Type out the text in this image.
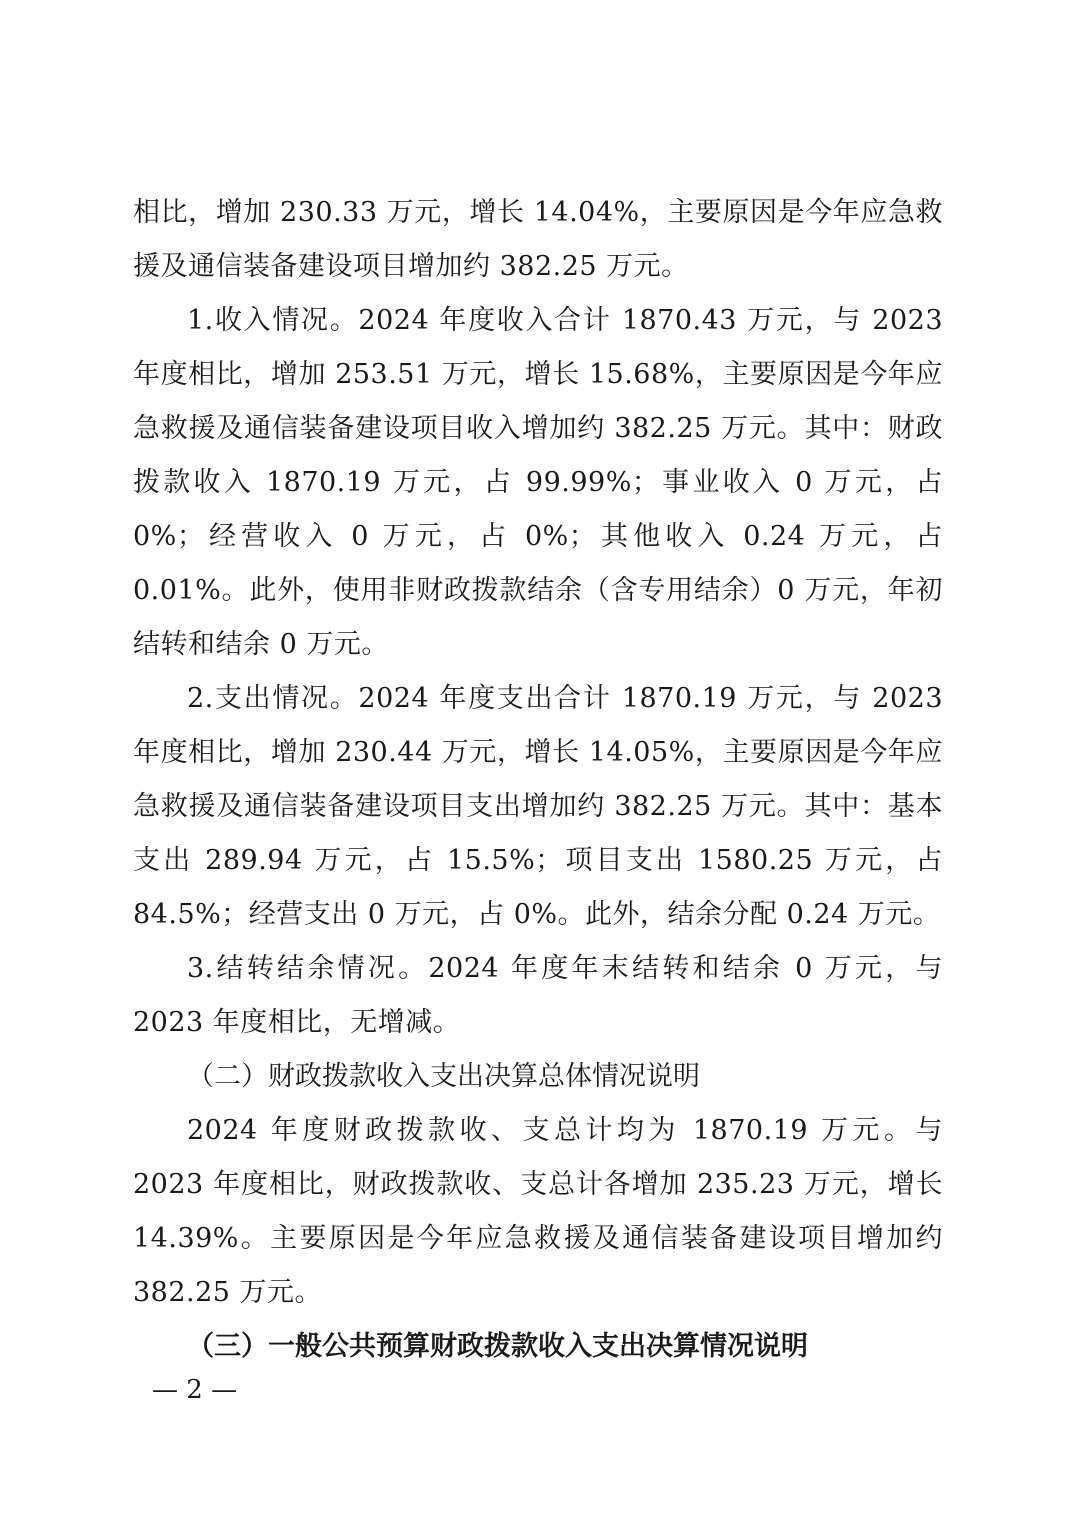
相比，增加 230.33 万元，增长 14.04%，主要原因是今年应急救援及通信装备建设项目增加约 382.25 万元。

1.收入情况。2024 年度收入合计 1870.43 万元，与 2023 年度相比，增加 253.51 万元，增长 15.68%，主要原因是今年应急救援及通信装备建设项目收入增加约 382.25 万元。其中：财政拨款收入 1870.19 万元，占 99.99%；事业收入 0 万元，占 0%；经营收入 0 万元，占 0%；其他收入 0.24 万元，占 0.01%。此外，使用非财政拨款结余（含专用结余）0 万元，年初结转和结余 0 万元。

2.支出情况。2024 年度支出合计 1870.19 万元，与 2023 年度相比，增加 230.44 万元，增长 14.05%，主要原因是今年应急救援及通信装备建设项目支出增加约 382.25 万元。其中：基本支出 289.94 万元，占 15.5%；项目支出 1580.25 万元，占 84.5%；经营支出 0 万元，占 0%。此外，结余分配 0.24 万元。

3.结转结余情况。2024 年度年末结转和结余 0 万元，与 2023 年度相比，无增减。

（二）财政拨款收入支出决算总体情况说明

2024 年度财政拨款收、支总计均为 1870.19 万元。与 2023 年度相比，财政拨款收、支总计各增加 235.23 万元，增长 14.39%。主要原因是今年应急救援及通信装备建设项目增加约 382.25 万元。

（三）一般公共预算财政拨款收入支出决算情况说明

— 2 —
